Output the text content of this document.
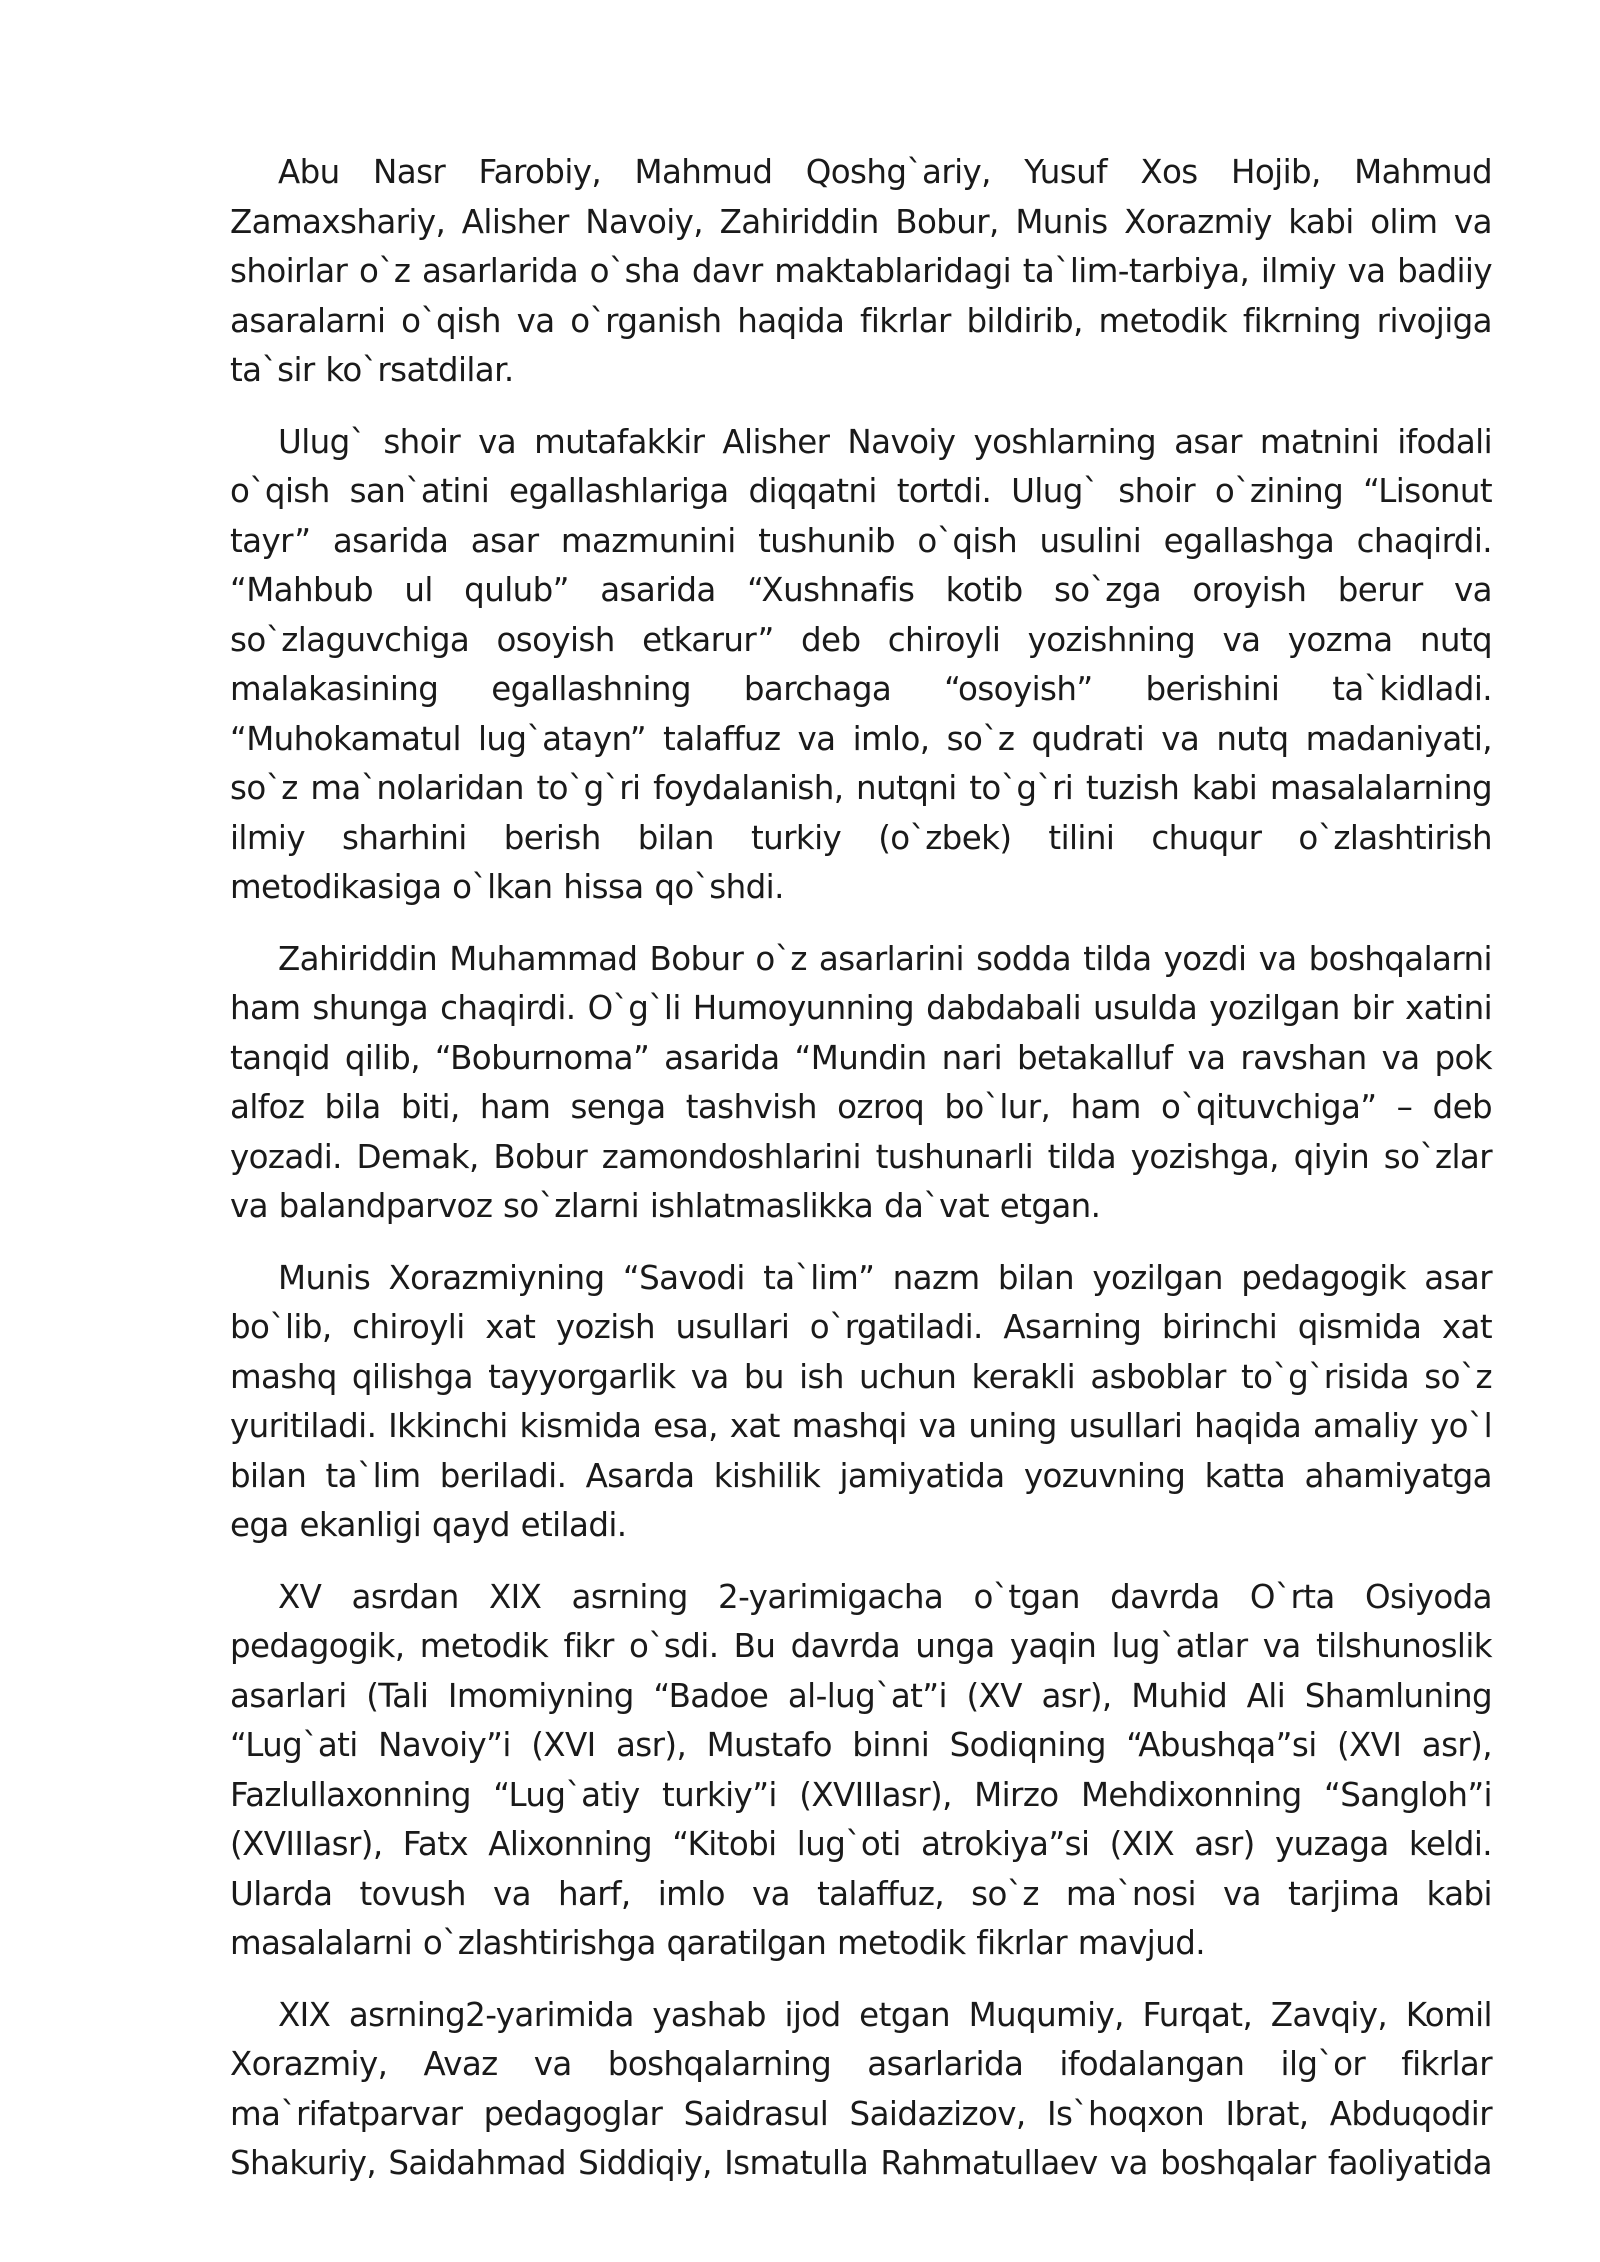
Abu Nasr Farobiy, Mahmud Qoshg`ariy, Yusuf Xos Hojib, Mahmud Zamaxshariy, Alisher Navoiy, Zahiriddin Bobur, Munis Xorazmiy kabi olim va shoirlar o`z asarlarida o`sha davr maktablaridagi ta`lim-tarbiya, ilmiy va badiiy asaralarni o`qish va o`rganish haqida fikrlar bildirib, metodik fikrning rivojiga ta`sir ko`rsatdilar.

Ulug` shoir va mutafakkir Alisher Navoiy yoshlarning asar matnini ifodali o`qish san`atini egallashlariga diqqatni tortdi. Ulug` shoir o`zining “Lisonut tayr” asarida asar mazmunini tushunib o`qish usulini egallashga chaqirdi. “Mahbub ul qulub” asarida “Xushnafis kotib so`zga oroyish berur va so`zlaguvchiga osoyish etkarur” deb chiroyli yozishning va yozma nutq malakasining egallashning barchaga “osoyish” berishini ta`kidladi. “Muhokamatul lug`atayn” talaffuz va imlo, so`z qudrati va nutq madaniyati, so`z ma`nolaridan to`g`ri foydalanish, nutqni to`g`ri tuzish kabi masalalarning ilmiy sharhini berish bilan turkiy (o`zbek) tilini chuqur o`zlashtirish metodikasiga o`lkan hissa qo`shdi.

Zahiriddin Muhammad Bobur o`z asarlarini sodda tilda yozdi va boshqalarni ham shunga chaqirdi. O`g`li Humoyunning dabdabali usulda yozilgan bir xatini tanqid qilib, “Boburnoma” asarida “Mundin nari betakalluf va ravshan va pok alfoz bila biti, ham senga tashvish ozroq bo`lur, ham o`qituvchiga” – deb yozadi. Demak, Bobur zamondoshlarini tushunarli tilda yozishga, qiyin so`zlar va balandparvoz so`zlarni ishlatmaslikka da`vat etgan.

Munis Xorazmiyning “Savodi ta`lim” nazm bilan yozilgan pedagogik asar bo`lib, chiroyli xat yozish usullari o`rgatiladi. Asarning birinchi qismida xat mashq qilishga tayyorgarlik va bu ish uchun kerakli asboblar to`g`risida so`z yuritiladi. Ikkinchi kismida esa, xat mashqi va uning usullari haqida amaliy yo`l bilan ta`lim beriladi. Asarda kishilik jamiyatida yozuvning katta ahamiyatga ega ekanligi qayd etiladi.

XV asrdan XIX asrning 2-yarimigacha o`tgan davrda O`rta Osiyoda pedagogik, metodik fikr o`sdi. Bu davrda unga yaqin lug`atlar va tilshunoslik asarlari (Tali Imomiyning “Badoe al-lug`at”i (XV asr), Muhid Ali Shamluning “Lug`ati Navoiy”i (XVI asr), Mustafo binni Sodiqning “Abushqa”si (XVI asr), Fazlullaxonning “Lug`atiy turkiy”i (XVIIIasr), Mirzo Mehdixonning “Sangloh”i (XVIIIasr), Fatx Alixonning “Kitobi lug`oti atrokiya”si (XIX asr) yuzaga keldi. Ularda tovush va harf, imlo va talaffuz, so`z ma`nosi va tarjima kabi masalalarni o`zlashtirishga qaratilgan metodik fikrlar mavjud.

XIX asrning2-yarimida yashab ijod etgan Muqumiy, Furqat, Zavqiy, Komil Xorazmiy, Avaz va boshqalarning asarlarida ifodalangan ilg`or fikrlar ma`rifatparvar pedagoglar Saidrasul Saidazizov, Is`hoqxon Ibrat, Abduqodir Shakuriy, Saidahmad Siddiqiy, Ismatulla Rahmatullaev va boshqalar faoliyatida
